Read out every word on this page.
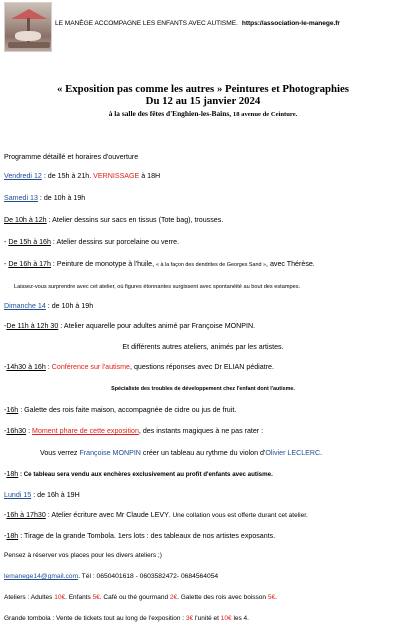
LE MANÈGE ACCOMPAGNE LES ENFANTS AVEC AUTISME. https://association-le-manege.fr
« Exposition pas comme les autres » Peintures et Photographies
Du 12 au 15 janvier 2024
à la salle des fêtes d'Enghien-les-Bains, 18 avenue de Ceinture.
Programme détaillé et horaires d'ouverture
Vendredi 12 : de 15h à 21h. VERNISSAGE à 18H
Samedi 13 : de 10h à 19h
De 10h à 12h : Atelier dessins sur sacs en tissus (Tote bag), trousses.
- De 15h à 16h : Atelier dessins sur porcelaine ou verre.
- De 16h à 17h : Peinture de monotype à l'huile, « à la façon des dendrites de Georges Sand », avec Thérèse.
Laissez-vous surprendre avec cet atelier, où figures étonnantes surgissent avec spontanéité au bout des estampes.
Dimanche 14 : de 10h à 19h
-De 11h à 12h 30 : Atelier aquarelle pour adultes animé par Françoise MONPIN.
Et différents autres ateliers, animés par les artistes.
-14h30 à 16h : Conférence sur l'autisme, questions réponses avec Dr ELIAN pédiatre.
Spécialiste des troubles de développement chez l'enfant dont l'autisme.
-16h : Galette des rois faite maison, accompagnée de cidre ou jus de fruit.
-16h30 : Moment phare de cette exposition, des instants magiques à ne pas rater :
Vous verrez Françoise MONPIN créer un tableau au rythme du violon d'Olivier LECLERC.
-18h : Ce tableau sera vendu aux enchères exclusivement au profit d'enfants avec autisme.
Lundi 15 : de 16h à 19H
-16h à 17h30 : Atelier écriture avec Mr Claude LEVY. Une collation vous est offerte durant cet atelier.
-18h : Tirage de la grande Tombola. 1ers lots : des tableaux de nos artistes exposants.
Pensez à réserver vos places pour les divers ateliers ;)
lemanege14@gmail.com. Tél : 0650401618 - 0603582472- 0684564054
Ateliers : Adultes 10€. Enfants 5€. Café ou thé gourmand 2€. Galette des rois avec boisson 5€.
Grande tombola : Vente de tickets tout au long de l'exposition : 3€ l'unité et 10€ les 4.
